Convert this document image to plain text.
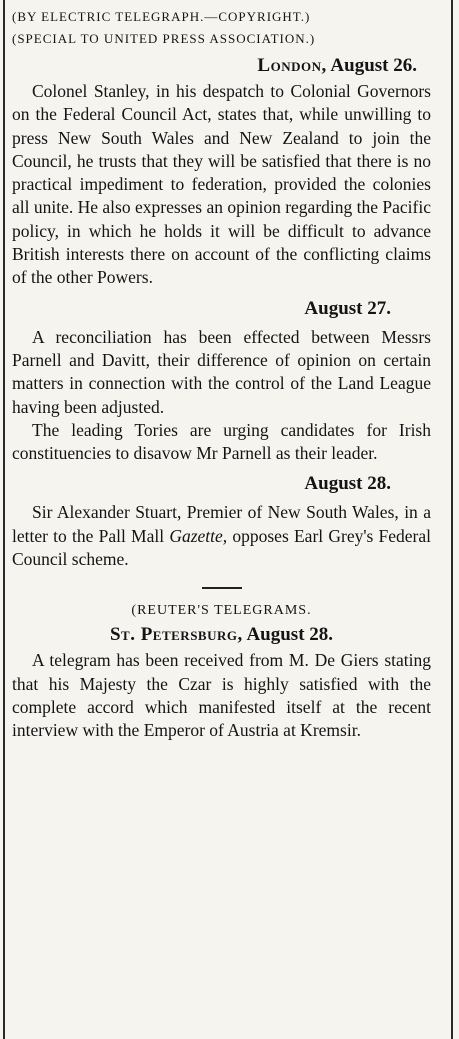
(BY ELECTRIC TELEGRAPH.—COPYRIGHT.)

(SPECIAL TO UNITED PRESS ASSOCIATION.)

London, August 26.

Colonel Stanley, in his despatch to Colonial Governors on the Federal Council Act, states that, while unwilling to press New South Wales and New Zealand to join the Council, he trusts that they will be satisfied that there is no practical impediment to federation, provided the colonies all unite. He also expresses an opinion regarding the Pacific policy, in which he holds it will be difficult to advance British interests there on account of the conflicting claims of the other Powers.

August 27.

A reconciliation has been effected between Messrs Parnell and Davitt, their difference of opinion on certain matters in connection with the control of the Land League having been adjusted.

The leading Tories are urging candidates for Irish constituencies to disavow Mr Parnell as their leader.

August 28.

Sir Alexander Stuart, Premier of New South Wales, in a letter to the Pall Mall Gazette, opposes Earl Grey's Federal Council scheme.

(REUTER'S TELEGRAMS.

St. Petersburg, August 28.

A telegram has been received from M. De Giers stating that his Majesty the Czar is highly satisfied with the complete accord which manifested itself at the recent interview with the Emperor of Austria at Kremsir.
